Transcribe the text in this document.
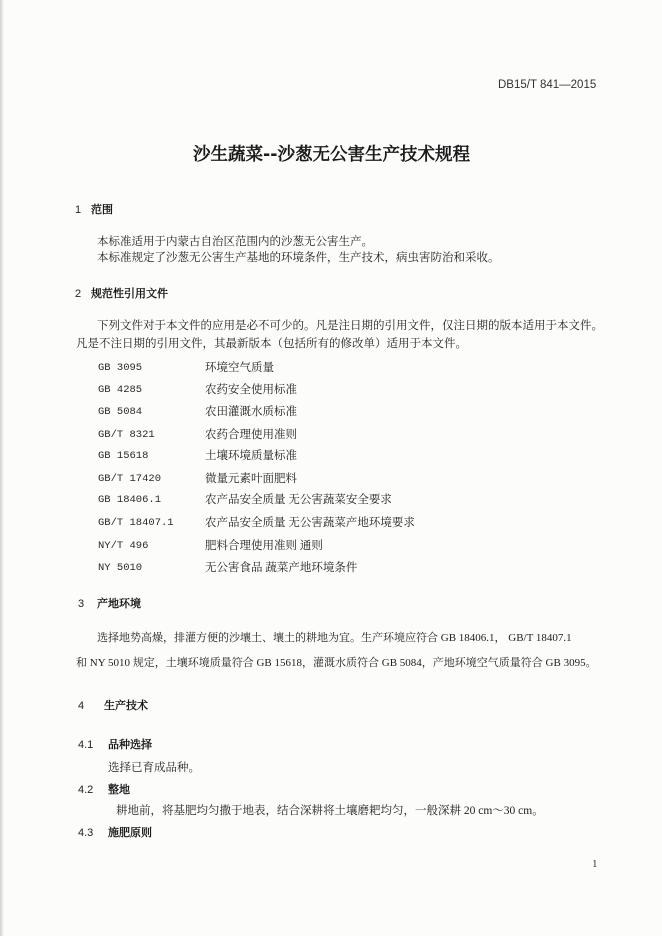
DB15/T 841—2015
沙生蔬菜--沙葱无公害生产技术规程
1 范围
本标准适用于内蒙古自治区范围内的沙葱无公害生产。
本标准规定了沙葱无公害生产基地的环境条件，生产技术，病虫害防治和采收。
2 规范性引用文件
下列文件对于本文件的应用是必不可少的。凡是注日期的引用文件，仅注日期的版本适用于本文件。
凡是不注日期的引用文件，其最新版本（包括所有的修改单）适用于本文件。
GB 3095	环境空气质量
GB 4285	农药安全使用标准
GB 5084	农田灌溉水质标准
GB/T 8321	农药合理使用准则
GB 15618	土壤环境质量标准
GB/T 17420	微量元素叶面肥料
GB 18406.1	农产品安全质量 无公害蔬菜安全要求
GB/T 18407.1	农产品安全质量 无公害蔬菜产地环境要求
NY/T 496	肥料合理使用准则 通则
NY 5010	无公害食品 蔬菜产地环境条件
3 产地环境
选择地势高燥，排灌方便的沙壤土、壤土的耕地为宜。生产环境应符合 GB 18406.1， GB/T 18407.1
和 NY 5010 规定，土壤环境质量符合 GB 15618，灌溉水质符合 GB 5084，产地环境空气质量符合 GB 3095。
4 生产技术
4.1 品种选择
选择已育成品种。
4.2 整地
耕地前，将基肥均匀撒于地表，结合深耕将土壤磨耙均匀，一般深耕 20 cm～30 cm。
4.3 施肥原则
1
